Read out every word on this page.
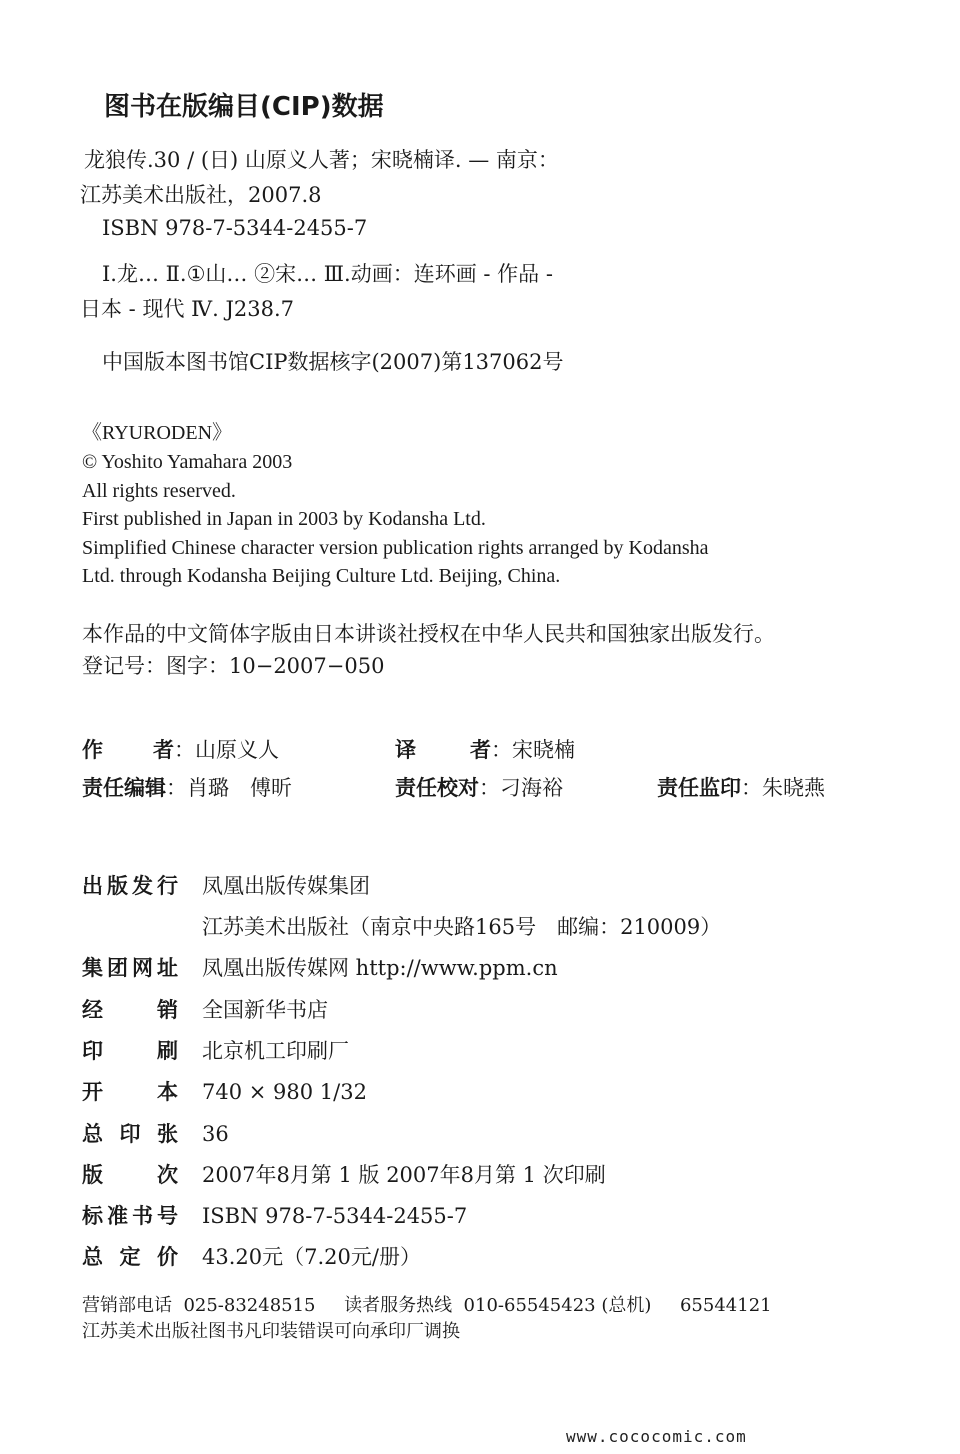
图书在版编目(CIP)数据
龙狼传.30 / (日) 山原义人著；宋晓楠译. — 南京：
江苏美术出版社，2007.8
ISBN 978-7-5344-2455-7
Ⅰ.龙… Ⅱ.①山… ②宋… Ⅲ.动画：连环画 - 作品 -
日本 - 现代 Ⅳ. J238.7
中国版本图书馆CIP数据核字(2007)第137062号
《RYURODEN》
© Yoshito Yamahara 2003
All rights reserved.
First published in Japan in 2003 by Kodansha Ltd.
Simplified Chinese character version publication rights arranged by Kodansha
Ltd. through Kodansha Beijing Culture Ltd. Beijing, China.
本作品的中文简体字版由日本讲谈社授权在中华人民共和国独家出版发行。
登记号：图字：10−2007−050
作 者 ：山原义人	译	者 ：宋晓楠
责任编辑：肖璐　傅昕	责任校对：刁海裕	责任监印：朱晓燕
出 版 发 行 凤凰出版传媒集团
江苏美术出版社（南京中央路165号　邮编：210009）
集 团 网 址 凤凰出版传媒网 http://www.ppm.cn
经	销 全国新华书店
印	刷 北京机工印刷厂
开	本 740 × 980 1/32
总 印 张 36
版	次 2007年8月第 1 版 2007年8月第 1 次印刷
标 准 书 号 ISBN 978-7-5344-2455-7
总 定 价 43.20元（7.20元/册）
营销部电话  025-83248515     读者服务热线  010-65545423 (总机)     65544121
江苏美术出版社图书凡印装错误可向承印厂调换
www.cococomic.com
